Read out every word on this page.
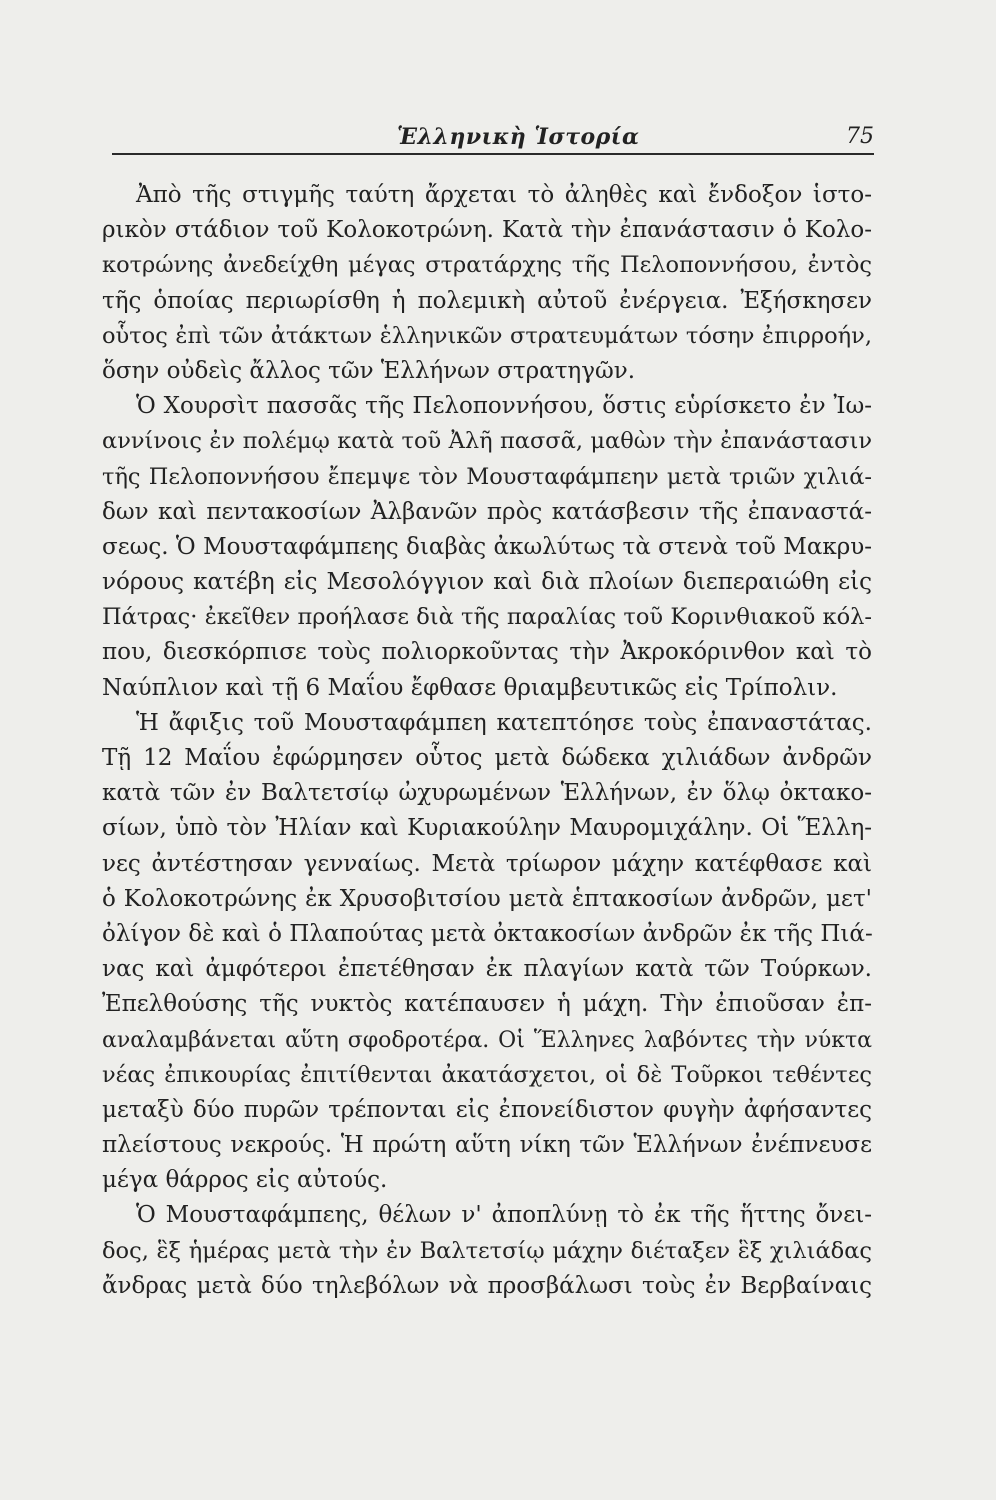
Ἑλληνικὴ Ἱστορία	75
Ἀπὸ τῆς στιγμῆς ταύτη ἄρχεται τὸ ἀληθὲς καὶ ἔνδοξον ἱστο-
ρικὸν στάδιον τοῦ Κολοκοτρώνη. Κατὰ τὴν ἐπανάστασιν ὁ Κολο-
κοτρώνης ἀνεδείχθη μέγας στρατάρχης τῆς Πελοποννήσου, ἐντὸς
τῆς ὁποίας περιωρίσθη ἡ πολεμικὴ αὐτοῦ ἐνέργεια. Ἐξήσκησεν
οὗτος ἐπὶ τῶν ἀτάκτων ἑλληνικῶν στρατευμάτων τόσην ἐπιρροήν,
ὅσην οὐδεὶς ἄλλος τῶν Ἑλλήνων στρατηγῶν.
Ὁ Χουρσὶτ πασσᾶς τῆς Πελοποννήσου, ὅστις εὑρίσκετο ἐν Ἰω-
αννίνοις ἐν πολέμῳ κατὰ τοῦ Ἀλῆ πασσᾶ, μαθὼν τὴν ἐπανάστασιν
τῆς Πελοποννήσου ἔπεμψε τὸν Μουσταφάμπεην μετὰ τριῶν χιλιά-
δων καὶ πεντακοσίων Ἀλβανῶν πρὸς κατάσβεσιν τῆς ἐπαναστά-
σεως. Ὁ Μουσταφάμπεης διαβὰς ἀκωλύτως τὰ στενὰ τοῦ Μακρυ-
νόρους κατέβη εἰς Μεσολόγγιον καὶ διὰ πλοίων διεπεραιώθη εἰς
Πάτρας· ἐκεῖθεν προήλασε διὰ τῆς παραλίας τοῦ Κορινθιακοῦ κόλ-
που, διεσκόρπισε τοὺς πολιορκοῦντας τὴν Ἀκροκόρινθον καὶ τὸ
Ναύπλιον καὶ τῇ 6 Μαΐου ἔφθασε θριαμβευτικῶς εἰς Τρίπολιν.
Ἡ ἄφιξις τοῦ Μουσταφάμπεη κατεπτόησε τοὺς ἐπαναστάτας.
Τῇ 12 Μαΐου ἐφώρμησεν οὗτος μετὰ δώδεκα χιλιάδων ἀνδρῶν
κατὰ τῶν ἐν Βαλτετσίῳ ὠχυρωμένων Ἑλλήνων, ἐν ὅλῳ ὀκτακο-
σίων, ὑπὸ τὸν Ἠλίαν καὶ Κυριακούλην Μαυρομιχάλην. Οἱ Ἕλλη-
νες ἀντέστησαν γενναίως. Μετὰ τρίωρον μάχην κατέφθασε καὶ
ὁ Κολοκοτρώνης ἐκ Χρυσοβιτσίου μετὰ ἑπτακοσίων ἀνδρῶν, μετ'
ὀλίγον δὲ καὶ ὁ Πλαπούτας μετὰ ὀκτακοσίων ἀνδρῶν ἐκ τῆς Πιά-
νας καὶ ἀμφότεροι ἐπετέθησαν ἐκ πλαγίων κατὰ τῶν Τούρκων.
Ἐπελθούσης τῆς νυκτὸς κατέπαυσεν ἡ μάχη. Τὴν ἐπιοῦσαν ἐπ-
αναλαμβάνεται αὕτη σφοδροτέρα. Οἱ Ἕλληνες λαβόντες τὴν νύκτα
νέας ἐπικουρίας ἐπιτίθενται ἀκατάσχετοι, οἱ δὲ Τοῦρκοι τεθέντες
μεταξὺ δύο πυρῶν τρέπονται εἰς ἐπονείδιστον φυγὴν ἀφήσαντες
πλείστους νεκρούς. Ἡ πρώτη αὕτη νίκη τῶν Ἑλλήνων ἐνέπνευσε
μέγα θάρρος εἰς αὐτούς.
Ὁ Μουσταφάμπεης, θέλων ν' ἀποπλύνῃ τὸ ἐκ τῆς ἥττης ὄνει-
δος, ἓξ ἡμέρας μετὰ τὴν ἐν Βαλτετσίῳ μάχην διέταξεν ἓξ χιλιάδας
ἄνδρας μετὰ δύο τηλεβόλων νὰ προσβάλωσι τοὺς ἐν Βερβαίναις
